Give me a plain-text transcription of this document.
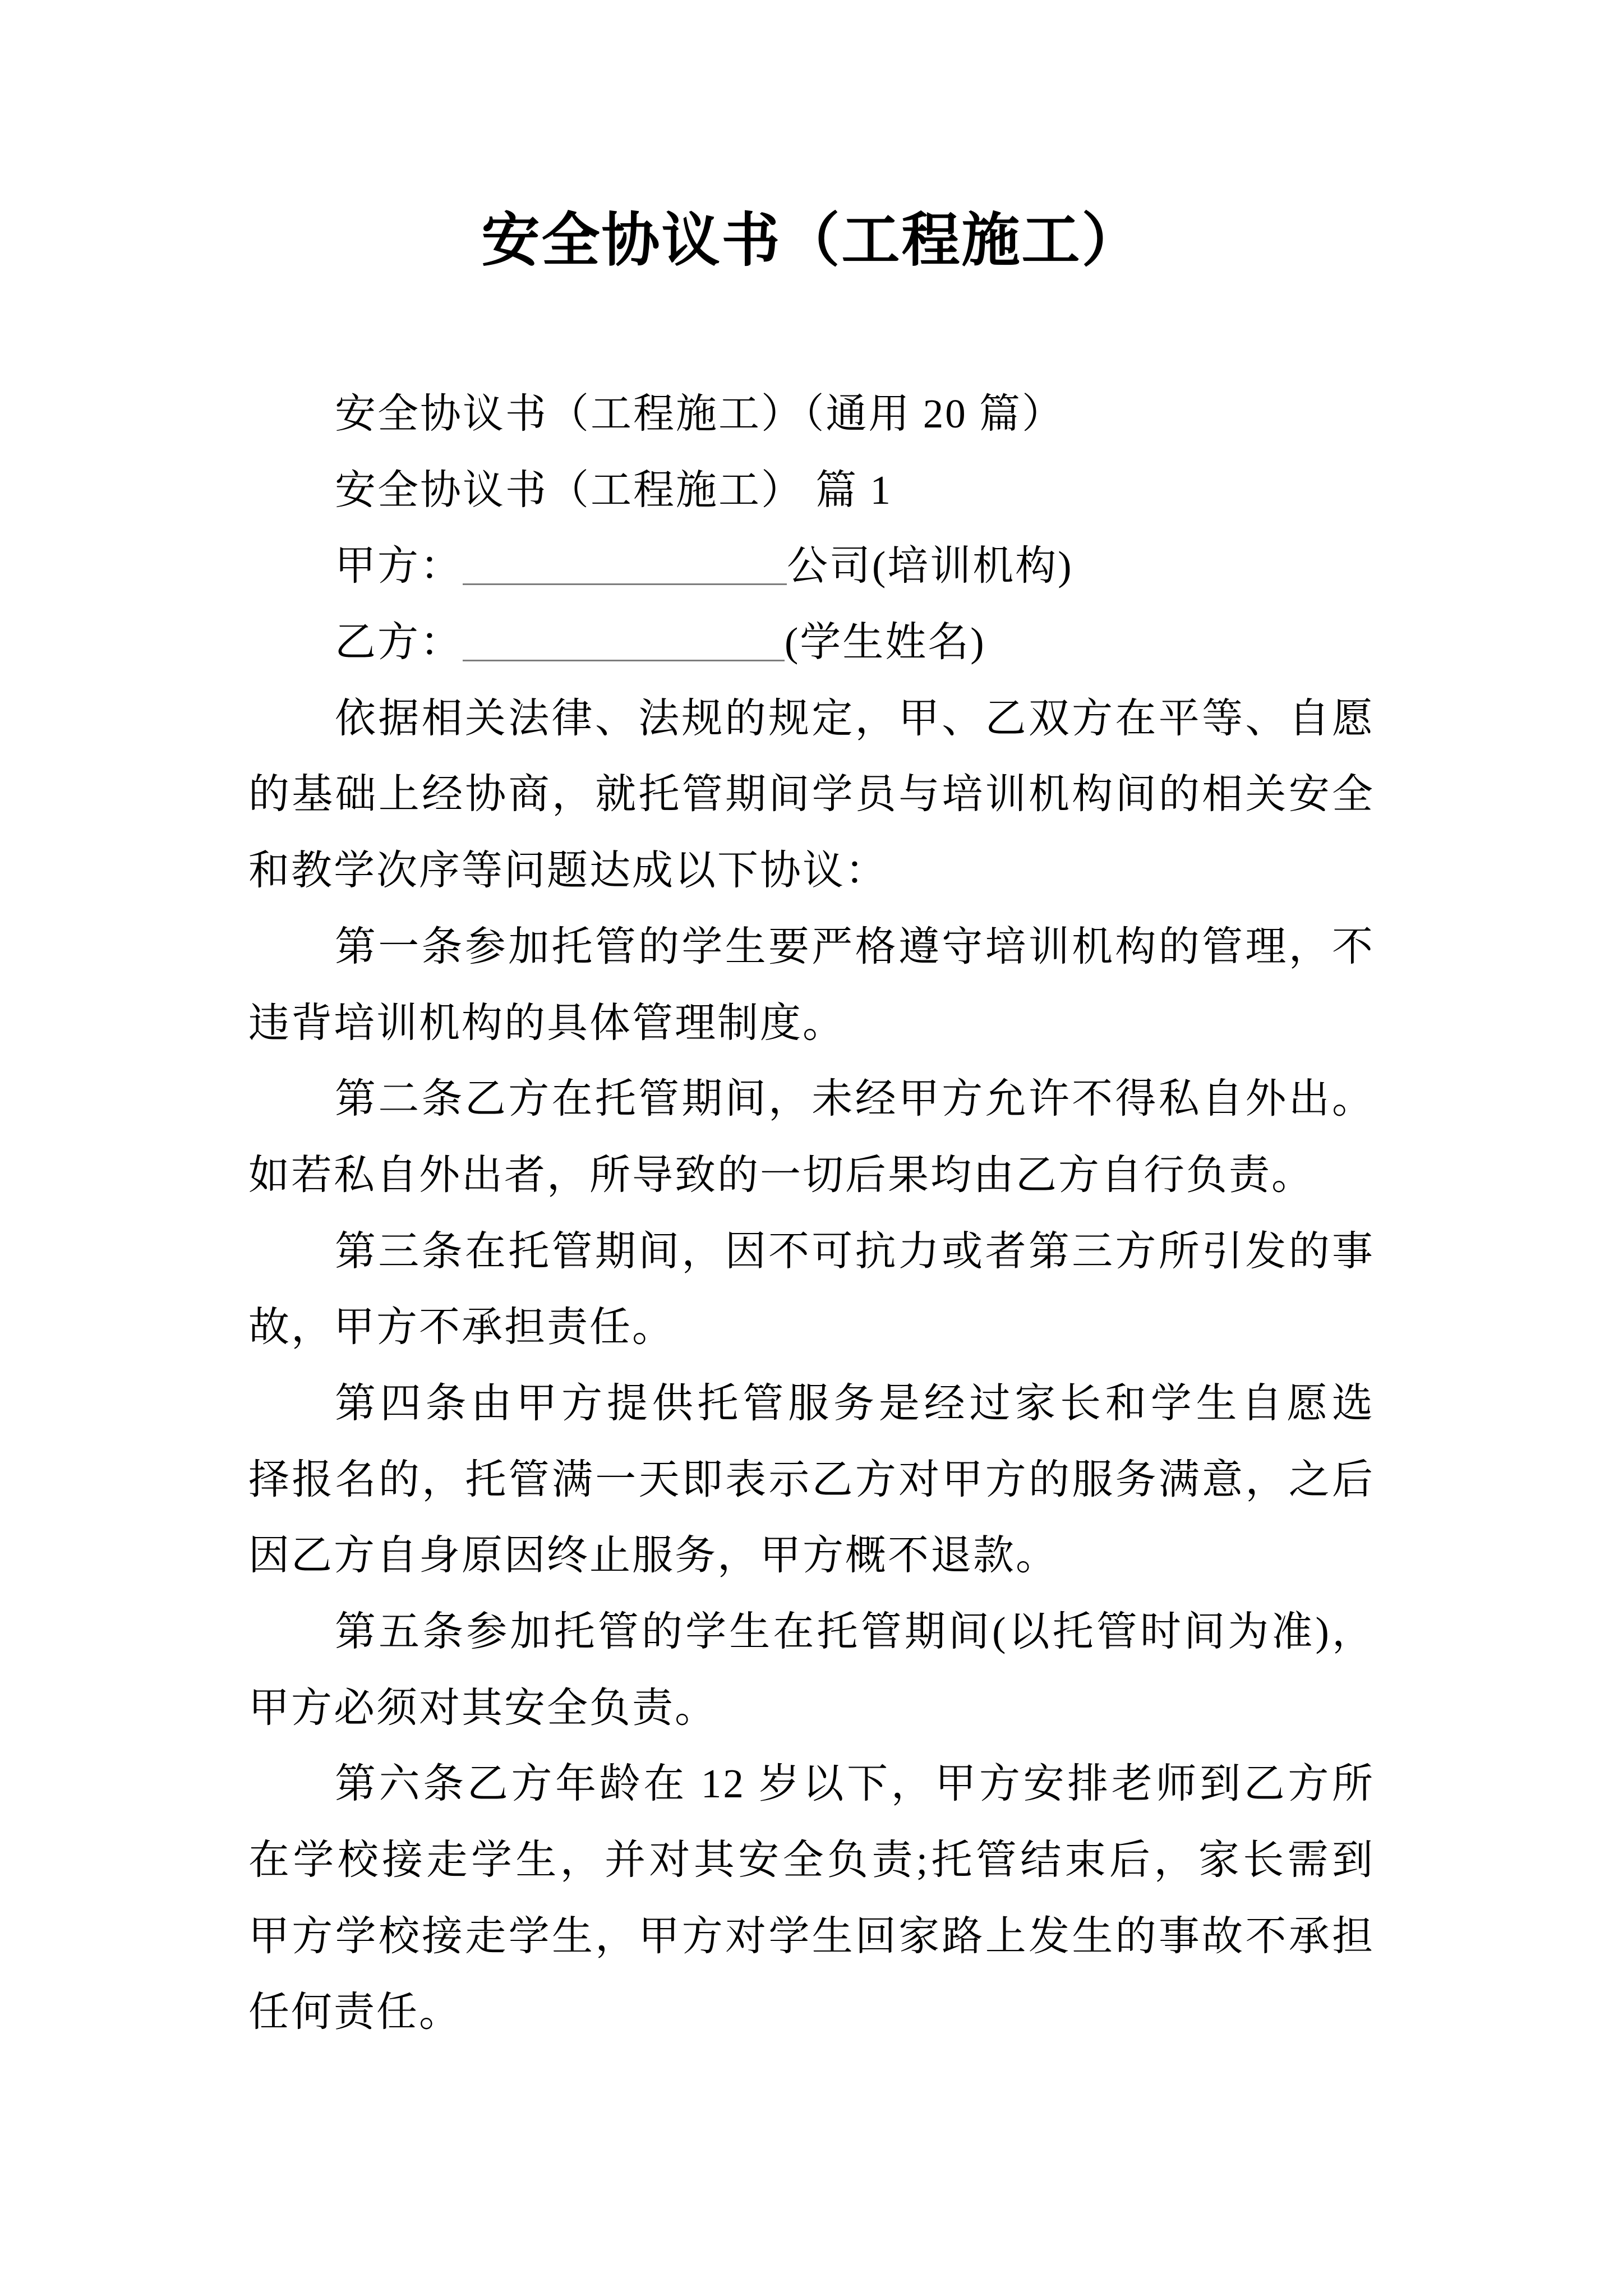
安全协议书（工程施工）
安全协议书（工程施工）（通用 20 篇）
安全协议书（工程施工） 篇 1
甲方：	公司(培训机构)
乙方：	(学生姓名)
依据相关法律、法规的规定，甲、乙双方在平等、自愿
的基础上经协商，就托管期间学员与培训机构间的相关安全
和教学次序等问题达成以下协议：
第一条参加托管的学生要严格遵守培训机构的管理，不
违背培训机构的具体管理制度。
第二条乙方在托管期间，未经甲方允许不得私自外出。
如若私自外出者，所导致的一切后果均由乙方自行负责。
第三条在托管期间，因不可抗力或者第三方所引发的事
故，甲方不承担责任。
第四条由甲方提供托管服务是经过家长和学生自愿选
择报名的，托管满一天即表示乙方对甲方的服务满意，之后
因乙方自身原因终止服务，甲方概不退款。
第五条参加托管的学生在托管期间(以托管时间为准)，
甲方必须对其安全负责。
第六条乙方年龄在 12 岁以下，甲方安排老师到乙方所
在学校接走学生，并对其安全负责;托管结束后，家长需到
甲方学校接走学生，甲方对学生回家路上发生的事故不承担
任何责任。
